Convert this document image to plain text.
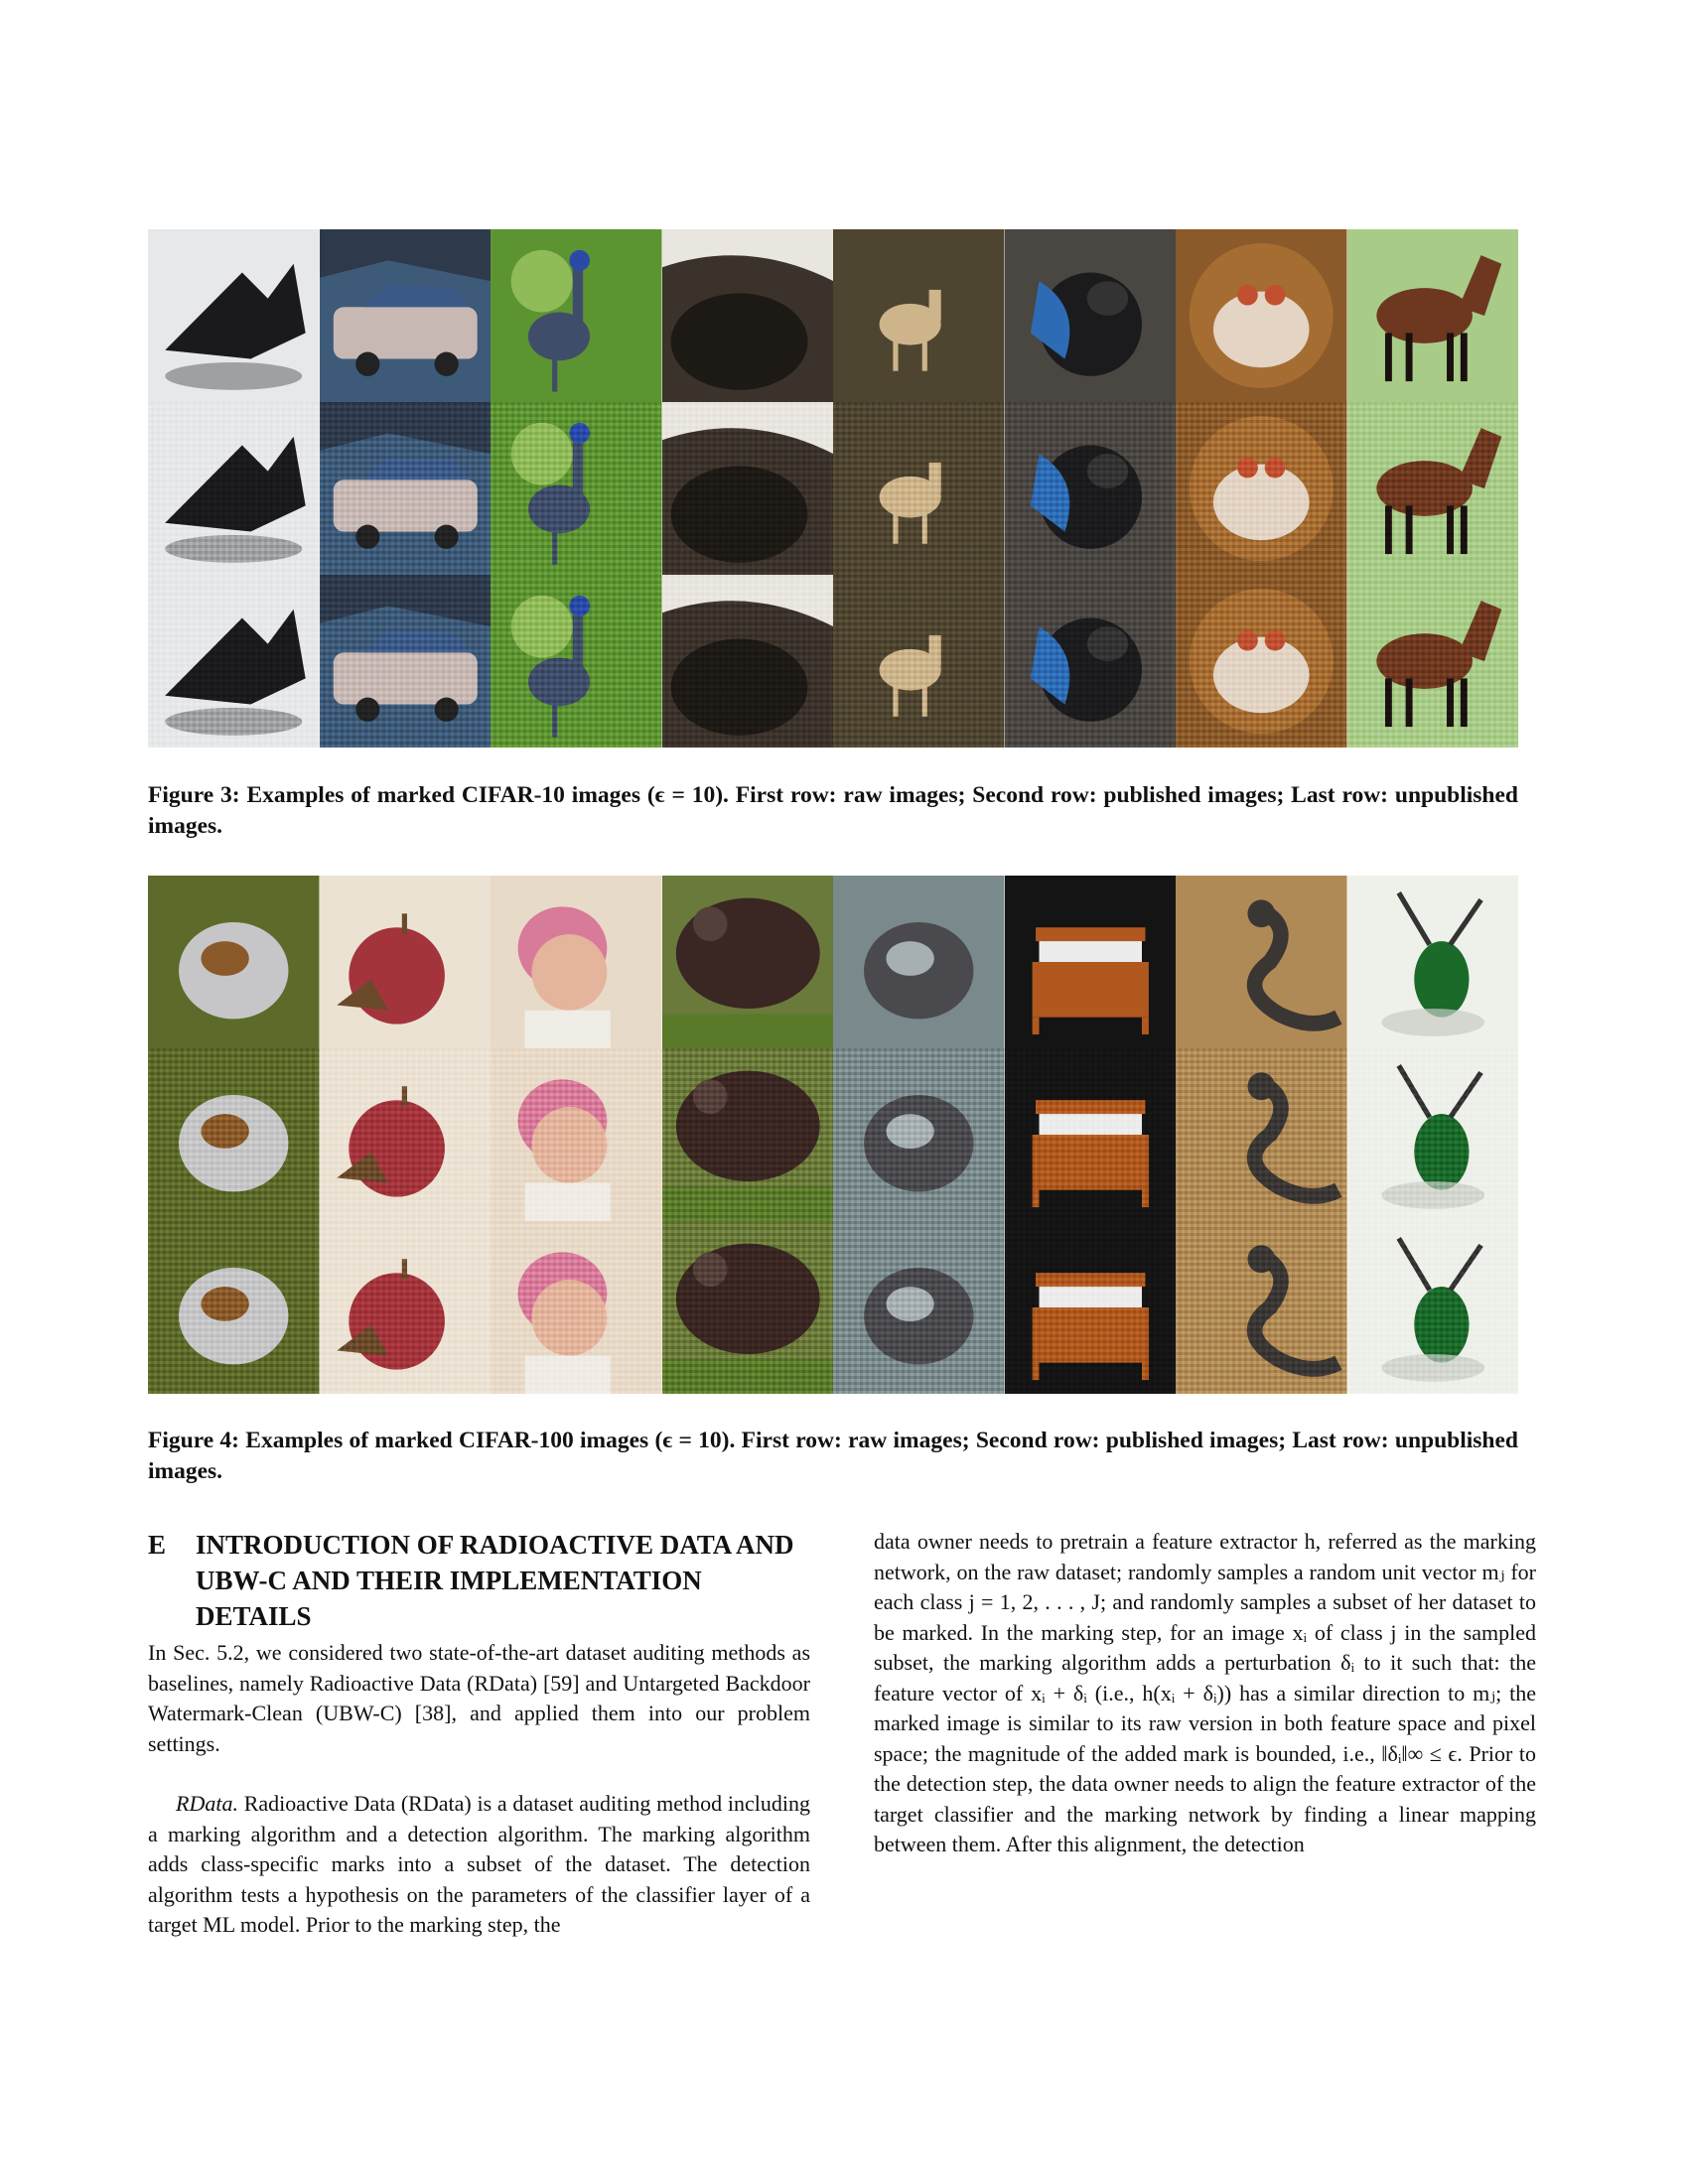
Figure 3: Examples of marked CIFAR-10 images (ϵ = 10). First row: raw images; Second row: published images; Last row: unpublished images.
Figure 4: Examples of marked CIFAR-100 images (ϵ = 10). First row: raw images; Second row: published images; Last row: unpublished images.
E	INTRODUCTION OF RADIOACTIVE DATA AND UBW-C AND THEIR IMPLEMENTATION DETAILS

In Sec. 5.2, we considered two state-of-the-art dataset auditing methods as baselines, namely Radioactive Data (RData) [59] and Untargeted Backdoor Watermark-Clean (UBW-C) [38], and applied them into our problem settings.

RData. Radioactive Data (RData) is a dataset auditing method including a marking algorithm and a detection algorithm. The marking algorithm adds class-specific marks into a subset of the dataset. The detection algorithm tests a hypothesis on the parameters of the classifier layer of a target ML model. Prior to the marking step, the

data owner needs to pretrain a feature extractor h, referred as the marking network, on the raw dataset; randomly samples a random unit vector mⱼ for each class j = 1, 2, . . . , J; and randomly samples a subset of her dataset to be marked. In the marking step, for an image xᵢ of class j in the sampled subset, the marking algorithm adds a perturbation δᵢ to it such that: the feature vector of xᵢ + δᵢ (i.e., h(xᵢ + δᵢ)) has a similar direction to mⱼ; the marked image is similar to its raw version in both feature space and pixel space; the magnitude of the added mark is bounded, i.e., ‖δᵢ‖∞ ≤ ϵ. Prior to the detection step, the data owner needs to align the feature extractor of the target classifier and the marking network by finding a linear mapping between them. After this alignment, the detection
